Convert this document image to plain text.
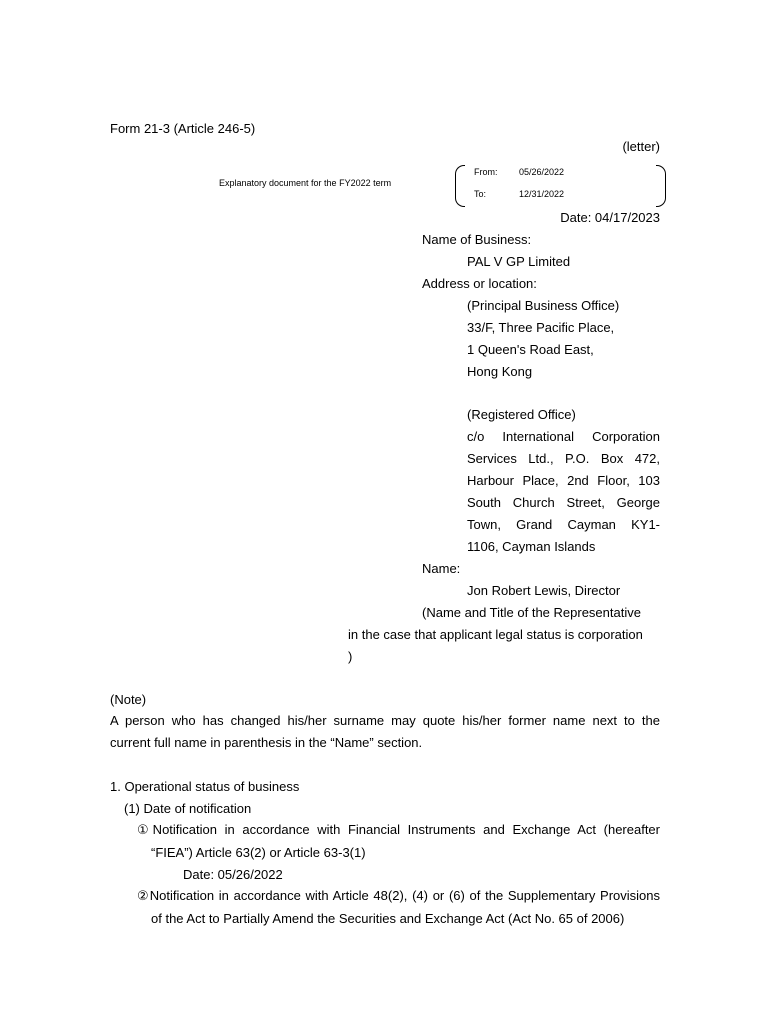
Form 21-3 (Article 246-5)
(letter)
Explanatory document for the FY2022 term
From: 05/26/2022
To:	12/31/2022
Date: 04/17/2023
Name of Business:
PAL V GP Limited
Address or location:
(Principal Business Office)
33/F, Three Pacific Place,
1 Queen's Road East,
Hong Kong
(Registered Office)
c/o International Corporation
Services Ltd., P.O. Box 472,
Harbour Place, 2nd Floor, 103
South Church Street, George
Town, Grand Cayman KY1-
1106, Cayman Islands
Name:
Jon Robert Lewis, Director
(Name and Title of the Representative
in the case that applicant legal status is corporation
)
(Note)
A person who has changed his/her surname may quote his/her former name next to the
current full name in parenthesis in the “Name” section.
1. Operational status of business
(1) Date of notification
①Notification in accordance with Financial Instruments and Exchange Act (hereafter
“FIEA”) Article 63(2) or Article 63-3(1)
Date: 05/26/2022
②Notification in accordance with Article 48(2), (4) or (6) of the Supplementary Provisions
of the Act to Partially Amend the Securities and Exchange Act (Act No. 65 of 2006)
